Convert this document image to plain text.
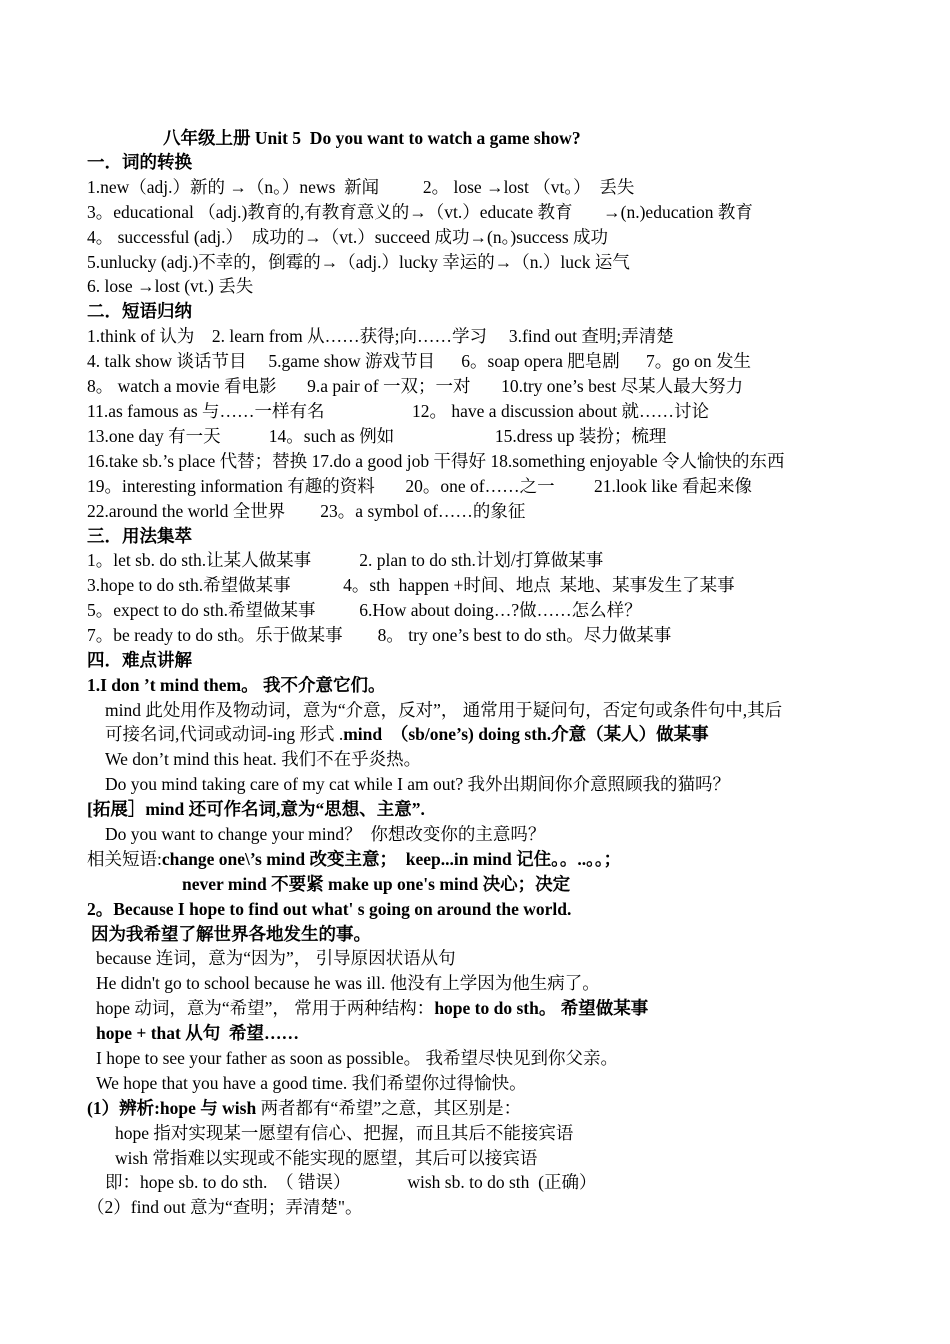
八年级上册 Unit 5  Do you want to watch a game show?
一．词的转换
1.new（adj.）新的 →（n。）news  新闻          2。 lose →lost （vt。）  丢失
3。educational （adj.)教育的,有教育意义的→（vt.）educate 教育       →(n.)education 教育
4。 successful (adj.）  成功的→（vt.）succeed 成功→(n。)success 成功
5.unlucky (adj.)不幸的，倒霉的→（adj.）lucky 幸运的→（n.）luck 运气
6. lose →lost (vt.) 丢失
二．短语归纳
1.think of 认为    2. learn from 从……获得;向……学习     3.find out 查明;弄清楚
4. talk show 谈话节目     5.game show 游戏节目      6。soap opera 肥皂剧      7。go on 发生
8。 watch a movie 看电影       9.a pair of 一双；一对       10.try one’s best 尽某人最大努力
11.as famous as 与……一样有名                    12。 have a discussion about 就……讨论
13.one day 有一天           14。such as 例如                       15.dress up 装扮；梳理
16.take sb.’s place 代替；替换 17.do a good job 干得好 18.something enjoyable 令人愉快的东西
19。interesting information 有趣的资料       20。one of……之一         21.look like 看起来像
22.around the world 全世界        23。a symbol of……的象征
三．用法集萃
1。let sb. do sth.让某人做某事           2. plan to do sth.计划/打算做某事
3.hope to do sth.希望做某事            4。sth  happen +时间、地点  某地、某事发生了某事
5。expect to do sth.希望做某事          6.How about doing…?做……怎么样？
7。be ready to do sth。乐于做某事        8。 try one’s best to do sth。尽力做某事
四．难点讲解
1.I don ’t mind them。 我不介意它们。
mind 此处用作及物动词，意为“介意，反对”， 通常用于疑问句，否定句或条件句中,其后
可接名词,代词或动词-ing 形式 .mind  （sb/one’s) doing sth.介意（某人）做某事
We don’t mind this heat. 我们不在乎炎热。
Do you mind taking care of my cat while I am out? 我外出期间你介意照顾我的猫吗？
[拓展］mind 还可作名词,意为“思想、主意”.
Do you want to change your mind？  你想改变你的主意吗？
相关短语:change one\’s mind 改变主意；  keep...in mind 记住。。..。。；
never mind 不要紧 make up one's mind 决心；决定
2。Because I hope to find out what' s going on around the world.
因为我希望了解世界各地发生的事。
because 连词，意为“因为”， 引导原因状语从句
He didn't go to school because he was ill. 他没有上学因为他生病了。
hope 动词，意为“希望”， 常用于两种结构：hope to do sth。 希望做某事
hope + that 从句  希望……
I hope to see your father as soon as possible。 我希望尽快见到你父亲。
We hope that you have a good time. 我们希望你过得愉快。
(1）辨析:hope 与 wish 两者都有“希望”之意，其区别是：
hope 指对实现某一愿望有信心、把握，而且其后不能接宾语
wish 常指难以实现或不能实现的愿望，其后可以接宾语
即：hope sb. to do sth.  （ 错误）             wish sb. to do sth  (正确）
（2）find out 意为“查明；弄清楚"。
